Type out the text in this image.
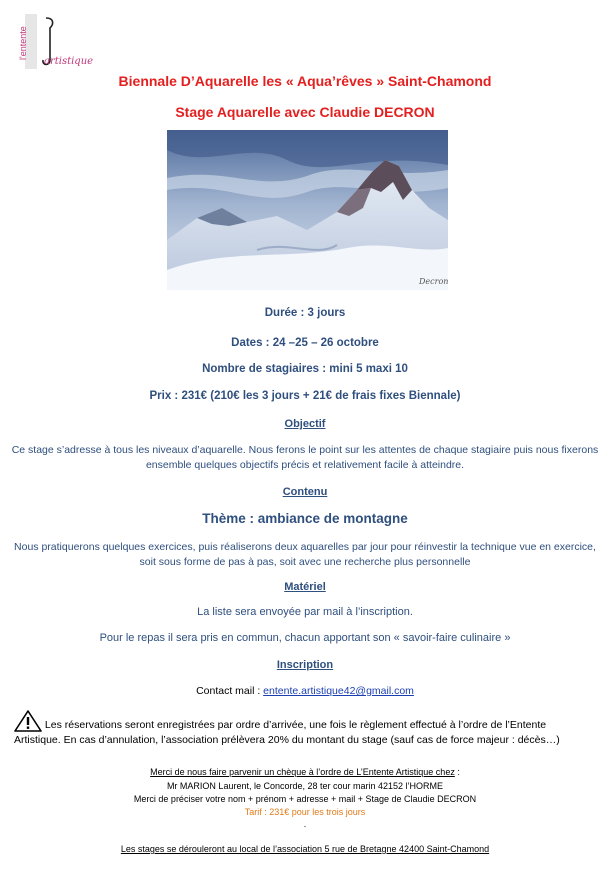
l'entente
artistique
Biennale D’Aquarelle les « Aqua’rêves » Saint-Chamond
Stage Aquarelle avec Claudie DECRON
Decron
Durée : 3 jours
Dates : 24 –25 – 26 octobre
Nombre de stagiaires : mini 5 maxi 10
Prix : 231€ (210€ les 3 jours + 21€ de frais fixes Biennale)
Objectif
Ce stage s’adresse à tous les niveaux d’aquarelle. Nous ferons le point sur les attentes de chaque stagiaire puis nous fixerons ensemble quelques objectifs précis et relativement facile à atteindre.
Contenu
Thème : ambiance de montagne
Nous pratiquerons quelques exercices, puis réaliserons deux aquarelles par jour pour réinvestir la technique vue en exercice, soit sous forme de pas à pas, soit avec une recherche plus personnelle
Matériel
La liste sera envoyée par mail à l’inscription.
Pour le repas il sera pris en commun, chacun apportant son « savoir-faire culinaire »
Inscription
Contact mail : entente.artistique42@gmail.com
Les réservations seront enregistrées par ordre d’arrivée, une fois le règlement effectué à l’ordre de l’Entente Artistique. En cas d’annulation, l’association prélèvera 20% du montant du stage (sauf cas de force majeur : décès…)
Merci de nous faire parvenir un chèque à l’ordre de L’Entente Artistique chez :
Mr MARION Laurent, le Concorde, 28 ter cour marin 42152 l’HORME
Merci de préciser votre nom + prénom + adresse + mail + Stage de Claudie DECRON
Tarif : 231€ pour les trois jours
.
Les stages se dérouleront au local de l’association 5 rue de Bretagne 42400 Saint-Chamond
